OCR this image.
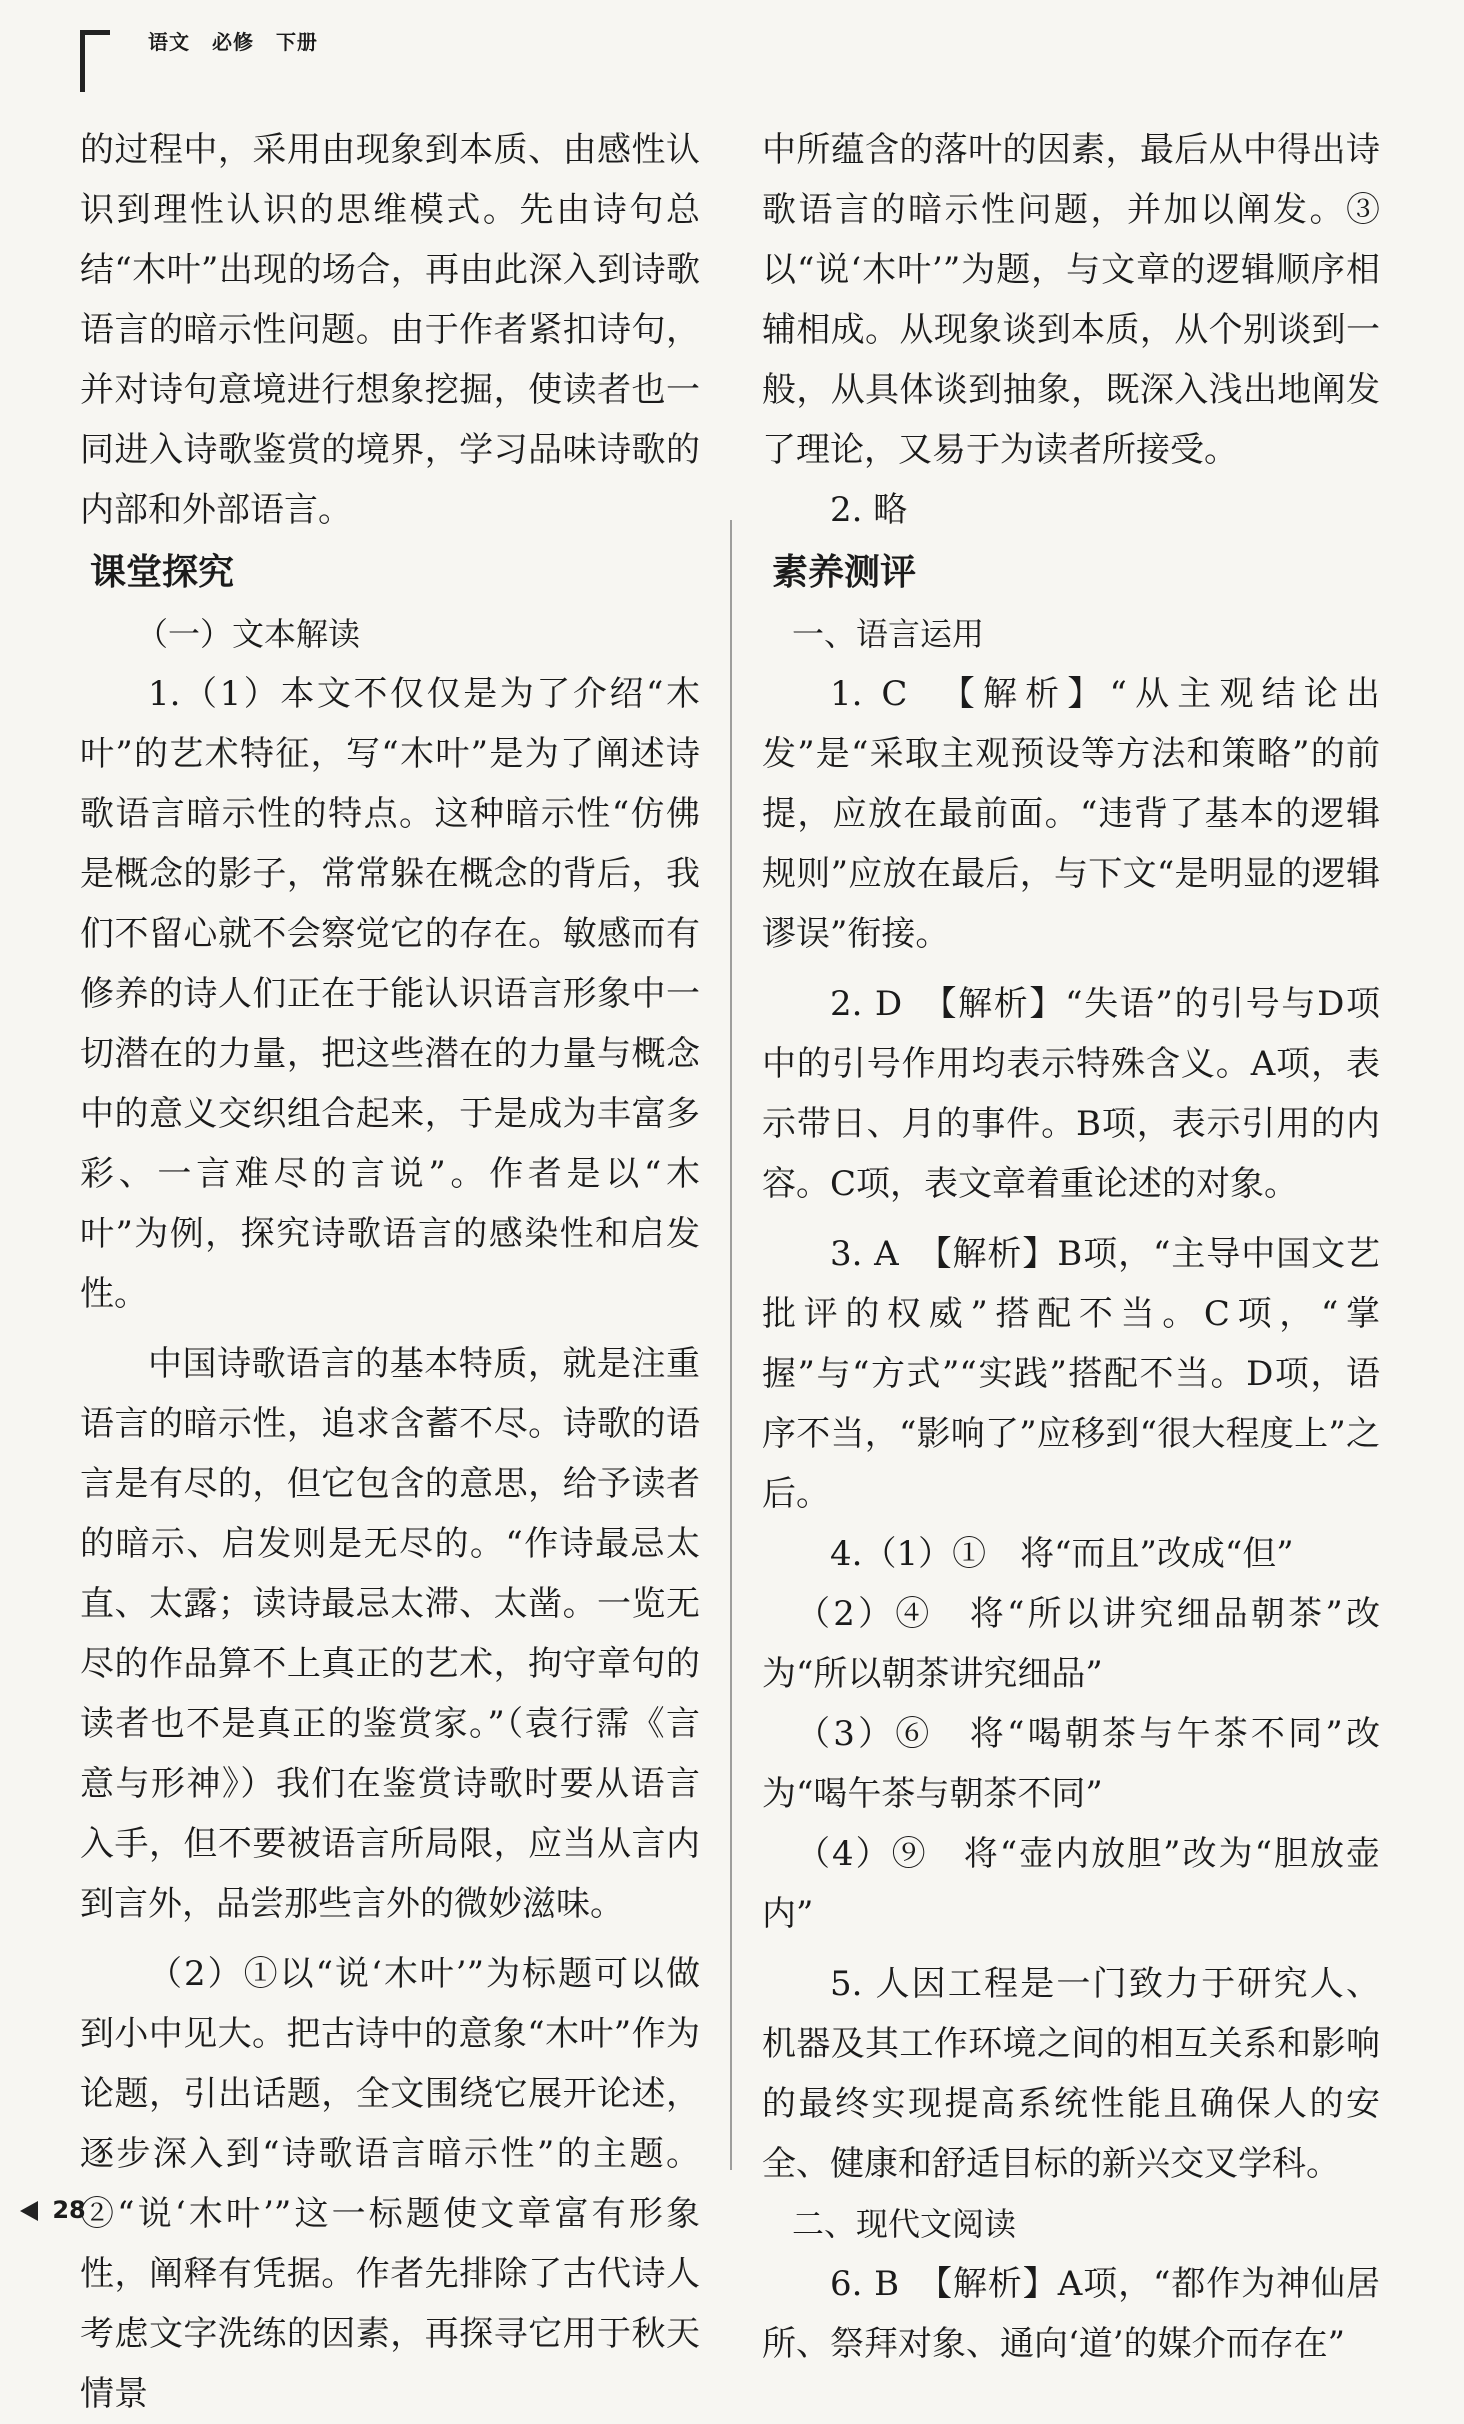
语文 必修 下册

的过程中，采用由现象到本质、由感性认识到理性认识的思维模式。先由诗句总结“木叶”出现的场合，再由此深入到诗歌语言的暗示性问题。由于作者紧扣诗句，并对诗句意境进行想象挖掘，使读者也一同进入诗歌鉴赏的境界，学习品味诗歌的内部和外部语言。

课堂探究

（一）文本解读

1.（1）本文不仅仅是为了介绍“木叶”的艺术特征，写“木叶”是为了阐述诗歌语言暗示性的特点。这种暗示性“仿佛是概念的影子，常常躲在概念的背后，我们不留心就不会察觉它的存在。敏感而有修养的诗人们正在于能认识语言形象中一切潜在的力量，把这些潜在的力量与概念中的意义交织组合起来，于是成为丰富多彩、一言难尽的言说”。作者是以“木叶”为例，探究诗歌语言的感染性和启发性。

中国诗歌语言的基本特质，就是注重语言的暗示性，追求含蓄不尽。诗歌的语言是有尽的，但它包含的意思，给予读者的暗示、启发则是无尽的。“作诗最忌太直、太露；读诗最忌太滞、太凿。一览无尽的作品算不上真正的艺术，拘守章句的读者也不是真正的鉴赏家。”（袁行霈《言意与形神》）我们在鉴赏诗歌时要从语言入手，但不要被语言所局限，应当从言内到言外，品尝那些言外的微妙滋味。

（2）①以“说‘木叶’”为标题可以做到小中见大。把古诗中的意象“木叶”作为论题，引出话题，全文围绕它展开论述，逐步深入到“诗歌语言暗示性”的主题。②“说‘木叶’”这一标题使文章富有形象性，阐释有凭据。作者先排除了古代诗人考虑文字洗练的因素，再探寻它用于秋天情景

中所蕴含的落叶的因素，最后从中得出诗歌语言的暗示性问题，并加以阐发。③以“说‘木叶’”为题，与文章的逻辑顺序相辅相成。从现象谈到本质，从个别谈到一般，从具体谈到抽象，既深入浅出地阐发了理论，又易于为读者所接受。

2. 略

素养测评

一、语言运用

1. C　【解析】“从主观结论出发”是“采取主观预设等方法和策略”的前提，应放在最前面。“违背了基本的逻辑规则”应放在最后，与下文“是明显的逻辑谬误”衔接。

2. D　【解析】“失语”的引号与D项中的引号作用均表示特殊含义。A项，表示带日、月的事件。B项，表示引用的内容。C项，表文章着重论述的对象。

3. A　【解析】B项，“主导中国文艺批评的权威”搭配不当。C项，“掌握”与“方式”“实践”搭配不当。D项，语序不当，“影响了”应移到“很大程度上”之后。

4.（1）①　将“而且”改成“但”

（2）④　将“所以讲究细品朝茶”改为“所以朝茶讲究细品”

（3）⑥　将“喝朝茶与午茶不同”改为“喝午茶与朝茶不同”

（4）⑨　将“壶内放胆”改为“胆放壶内”

5. 人因工程是一门致力于研究人、机器及其工作环境之间的相互关系和影响的最终实现提高系统性能且确保人的安全、健康和舒适目标的新兴交叉学科。

二、现代文阅读

6. B　【解析】A项，“都作为神仙居所、祭拜对象、通向‘道’的媒介而存在”

28
